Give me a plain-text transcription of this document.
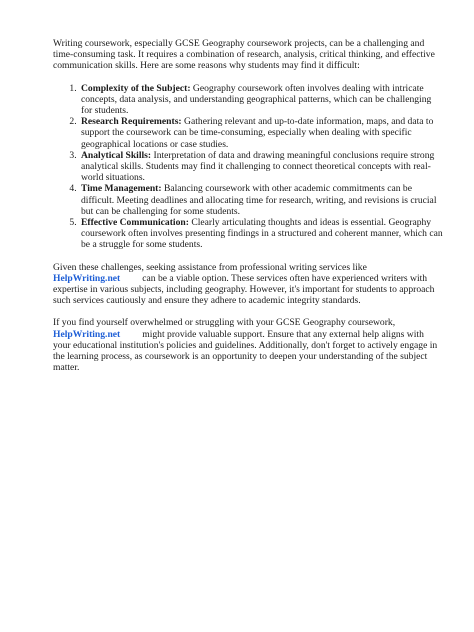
Writing coursework, especially GCSE Geography coursework projects, can be a challenging and time-consuming task. It requires a combination of research, analysis, critical thinking, and effective communication skills. Here are some reasons why students may find it difficult:

1. Complexity of the Subject: Geography coursework often involves dealing with intricate concepts, data analysis, and understanding geographical patterns, which can be challenging for students.
2. Research Requirements: Gathering relevant and up-to-date information, maps, and data to support the coursework can be time-consuming, especially when dealing with specific geographical locations or case studies.
3. Analytical Skills: Interpretation of data and drawing meaningful conclusions require strong analytical skills. Students may find it challenging to connect theoretical concepts with real-world situations.
4. Time Management: Balancing coursework with other academic commitments can be difficult. Meeting deadlines and allocating time for research, writing, and revisions is crucial but can be challenging for some students.
5. Effective Communication: Clearly articulating thoughts and ideas is essential. Geography coursework often involves presenting findings in a structured and coherent manner, which can be a struggle for some students.

Given these challenges, seeking assistance from professional writing services like
HelpWriting.net can be a viable option. These services often have experienced writers with expertise in various subjects, including geography. However, it's important for students to approach such services cautiously and ensure they adhere to academic integrity standards.

If you find yourself overwhelmed or struggling with your GCSE Geography coursework,
HelpWriting.net might provide valuable support. Ensure that any external help aligns with your educational institution's policies and guidelines. Additionally, don't forget to actively engage in the learning process, as coursework is an opportunity to deepen your understanding of the subject matter.
